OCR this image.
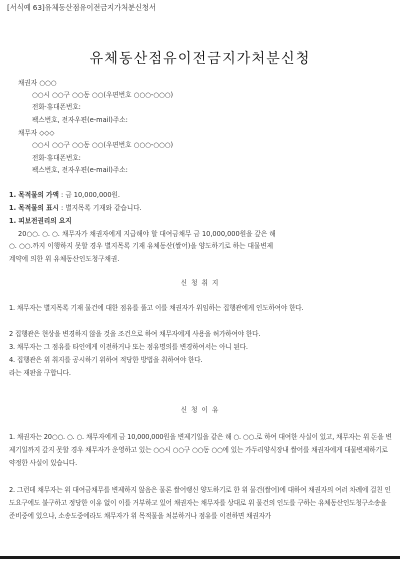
[서식예 63]유체동산점유이전금지가처분신청서
유체동산점유이전금지가처분신청
채권자 ○○○
○○시 ○○구 ○○동 ○○(우편번호 ○○○-○○○)
전화·휴대폰번호:
팩스번호, 전자우편(e-mail)주소:
채무자 ◇◇◇
○○시 ○○구 ○○동 ○○(우편번호 ○○○-○○○)
전화·휴대폰번호:
팩스번호, 전자우편(e-mail)주소:
1. 목적물의 가액 : 금 10,000,000원.
1. 목적물의 표시 : 별지목록 기재와 같습니다.
1. 피보전권리의 요지
20○○. ○. ○. 채무자가 채권자에게 지급해야 할 대여금채무 금 10,000,000원을 갚은 해
○. ○○.까지 이행하지 못할 경우 별지목록 기재 유체동산(쌀어)을 양도하기로 하는 대물변제
계약에 의한 위 유체동산인도청구채권.
신 청 취 지
1. 채무자는 별지목록 기재 물건에 대한 점유를 풀고 이를 채권자가 위임하는 집행관에게 인도하여야 한다.
2 집행관은 현상을 변경하지 않을 것을 조건으로 하여 채무자에게 사용을 허가하여야 한다.
3. 채무자는 그 점유를 타인에게 이전하거나 또는 점유명의를 변경하여서는 아니 된다.
4. 집행관은 위 취지를 공시하기 위하여 적당한 방법을 취하여야 한다.
라는 재판을 구합니다.
신 청 이 유
1. 채권자는 20○○. ○. ○. 채무자에게 금 10,000,000원을 변제기일을 같은 해 ○. ○○.로 하여 대여한 사실이 있고, 채무자는 위 돈을 변제기일까지 갚지 못할 경우 채무자가 운영하고 있는 ○○시 ○○구 ○○동 ○○에 있는 가두리양식장내 쌀어를 채권자에게 대물변제하기로 약정한 사실이 있습니다.
2. 그런데 채무자는 위 대여금채무를 변제하지 않음은 물론 쌀어랭신 양도하기로 한 위 물건(쌀어)에 대하여 채권자의 여러 차례에 걸친 인도요구에도 불구하고 정당한 이유 없이 이를 거부하고 있어 채권자는 채무자를 상대로 위 물건의 인도를 구하는 유체동산인도청구소송을 준비중에 있으나, 소송도중에라도 채무자가 위 목적물을 처분하거나 점유를 이전하면 채권자가
